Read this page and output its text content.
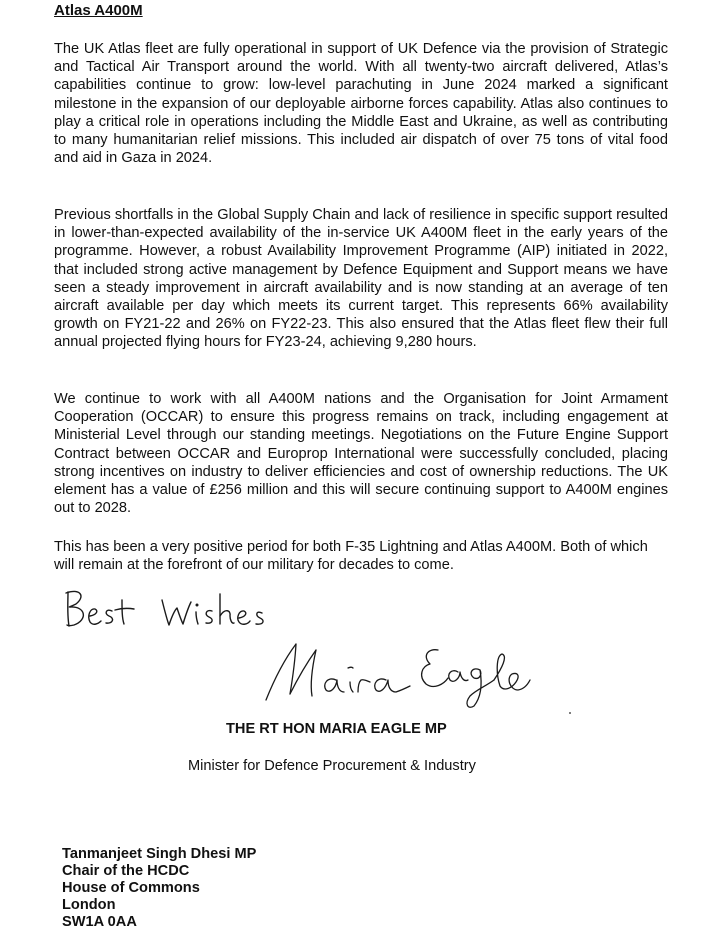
Atlas A400M

The UK Atlas fleet are fully operational in support of UK Defence via the provision of Strategic and Tactical Air Transport around the world. With all twenty-two aircraft delivered, Atlas’s capabilities continue to grow: low-level parachuting in June 2024 marked a significant milestone in the expansion of our deployable airborne forces capability. Atlas also continues to play a critical role in operations including the Middle East and Ukraine, as well as contributing to many humanitarian relief missions. This included air dispatch of over 75 tons of vital food and aid in Gaza in 2024.

Previous shortfalls in the Global Supply Chain and lack of resilience in specific support resulted in lower-than-expected availability of the in-service UK A400M fleet in the early years of the programme. However, a robust Availability Improvement Programme (AIP) initiated in 2022, that included strong active management by Defence Equipment and Support means we have seen a steady improvement in aircraft availability and is now standing at an average of ten aircraft available per day which meets its current target. This represents 66% availability growth on FY21-22 and 26% on FY22-23. This also ensured that the Atlas fleet flew their full annual projected flying hours for FY23-24, achieving 9,280 hours.

We continue to work with all A400M nations and the Organisation for Joint Armament Cooperation (OCCAR) to ensure this progress remains on track, including engagement at Ministerial Level through our standing meetings. Negotiations on the Future Engine Support Contract between OCCAR and Europrop International were successfully concluded, placing strong incentives on industry to deliver efficiencies and cost of ownership reductions. The UK element has a value of £256 million and this will secure continuing support to A400M engines out to 2028.

This has been a very positive period for both F-35 Lightning and Atlas A400M. Both of which will remain at the forefront of our military for decades to come.

THE RT HON MARIA EAGLE MP
Minister for Defence Procurement & Industry
Tanmanjeet Singh Dhesi MP
Chair of the HCDC
House of Commons
London
SW1A 0AA
